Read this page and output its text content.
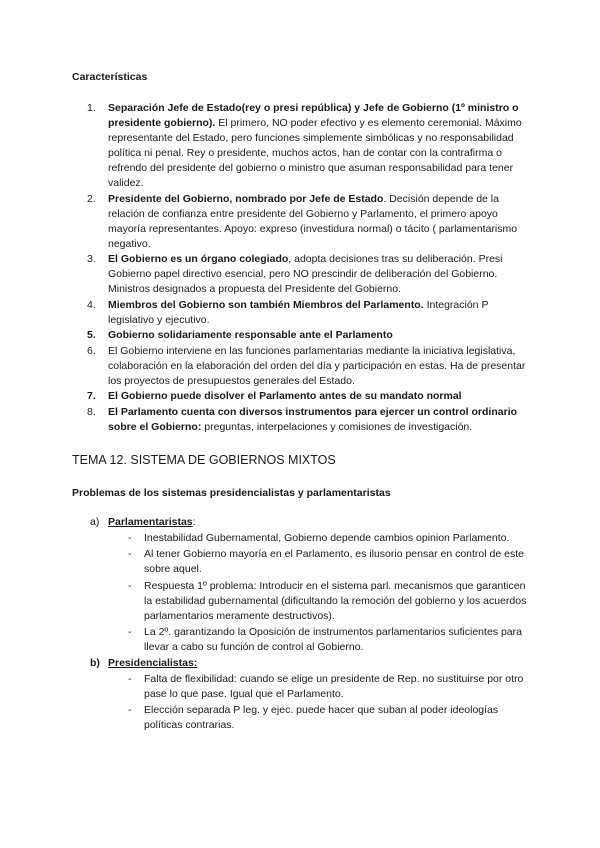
Características

1. Separación Jefe de Estado(rey o presi república) y Jefe de Gobierno (1º ministro o presidente gobierno). El primero, NO poder efectivo y es elemento ceremonial. Máximo representante del Estado, pero funciones simplemente simbólicas y no responsabilidad política ni penal. Rey o presidente, muchos actos, han de contar con la contrafirma o refrendo del presidente del gobierno o ministro que asuman responsabilidad para tener validez.
2. Presidente del Gobierno, nombrado por Jefe de Estado. Decisión depende de la relación de confianza entre presidente del Gobierno y Parlamento, el primero apoyo mayoría representantes. Apoyo: expreso (investidura normal) o tácito ( parlamentarismo negativo.
3. El Gobierno es un órgano colegiado, adopta decisiones tras su deliberación. Presi Gobierno papel directivo esencial, pero NO prescindir de deliberación del Gobierno. Ministros designados a propuesta del Presidente del Gobierno.
4. Miembros del Gobierno son también Miembros del Parlamento. Integración P legislativo y ejecutivo.
5. Gobierno solidariamente responsable ante el Parlamento
6. El Gobierno interviene en las funciones parlamentarias mediante la iniciativa legislativa, colaboración en la elaboración del orden del día y participación en estas. Ha de presentar los proyectos de presupuestos generales del Estado.
7. El Gobierno puede disolver el Parlamento antes de su mandato normal
8. El Parlamento cuenta con diversos instrumentos para ejercer un control ordinario sobre el Gobierno: preguntas, interpelaciones y comisiones de investigación.
TEMA 12. SISTEMA DE GOBIERNOS MIXTOS

Problemas de los sistemas presidencialistas y parlamentaristas

a) Parlamentaristas:
- Inestabilidad Gubernamental, Gobierno depende cambios opinion Parlamento.
- Al tener Gobierno mayoría en el Parlamento, es ilusorio pensar en control de este sobre aquel.
- Respuesta 1º problema: Introducir en el sistema parl. mecanismos que garanticen la estabilidad gubernamental (dificultando la remoción del gobierno y los acuerdos parlamentarios meramente destructivos).
- La 2º. garantizando la Oposición de instrumentos parlamentarios suficientes para llevar a cabo su función de control al Gobierno.
b) Presidencialistas:
- Falta de flexibilidad: cuando se elige un presidente de Rep. no sustituirse por otro pase lo que pase. Igual que el Parlamento.
- Elección separada P leg. y ejec. puede hacer que suban al poder ideologías políticas contrarias.
